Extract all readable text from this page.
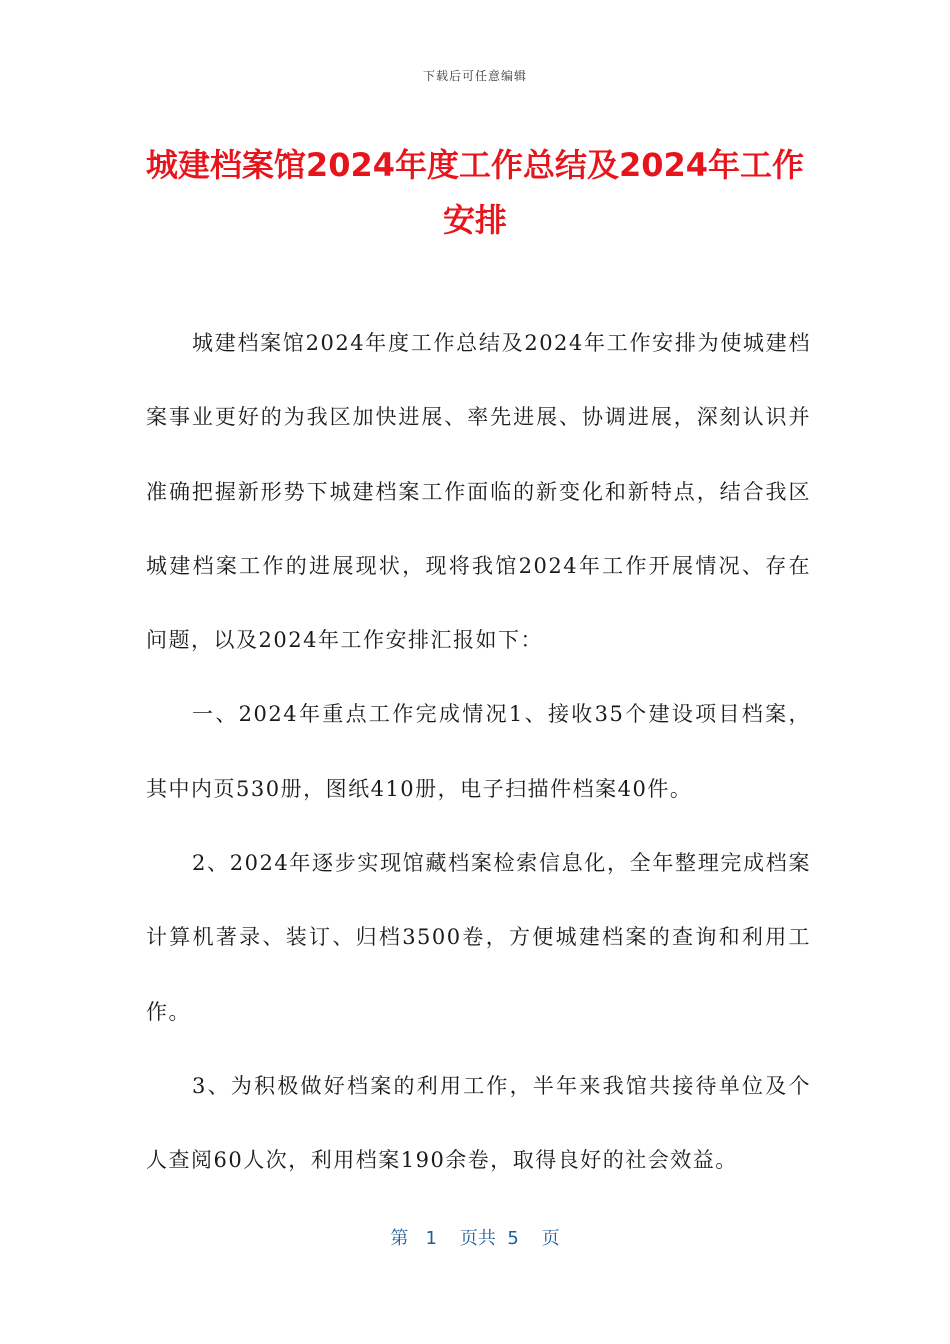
下载后可任意编辑
城建档案馆2024年度工作总结及2024年工作安排

城建档案馆2024年度工作总结及2024年工作安排为使城建档案事业更好的为我区加快进展、率先进展、协调进展，深刻认识并准确把握新形势下城建档案工作面临的新变化和新特点，结合我区城建档案工作的进展现状，现将我馆2024年工作开展情况、存在问题，以及2024年工作安排汇报如下：

一、2024年重点工作完成情况1、接收35个建设项目档案，其中内页530册，图纸410册，电子扫描件档案40件。

2、2024年逐步实现馆藏档案检索信息化，全年整理完成档案计算机著录、装订、归档3500卷，方便城建档案的查询和利用工作。

3、为积极做好档案的利用工作，半年来我馆共接待单位及个人查阅60人次，利用档案190余卷，取得良好的社会效益。

第 1 页共 5 页
